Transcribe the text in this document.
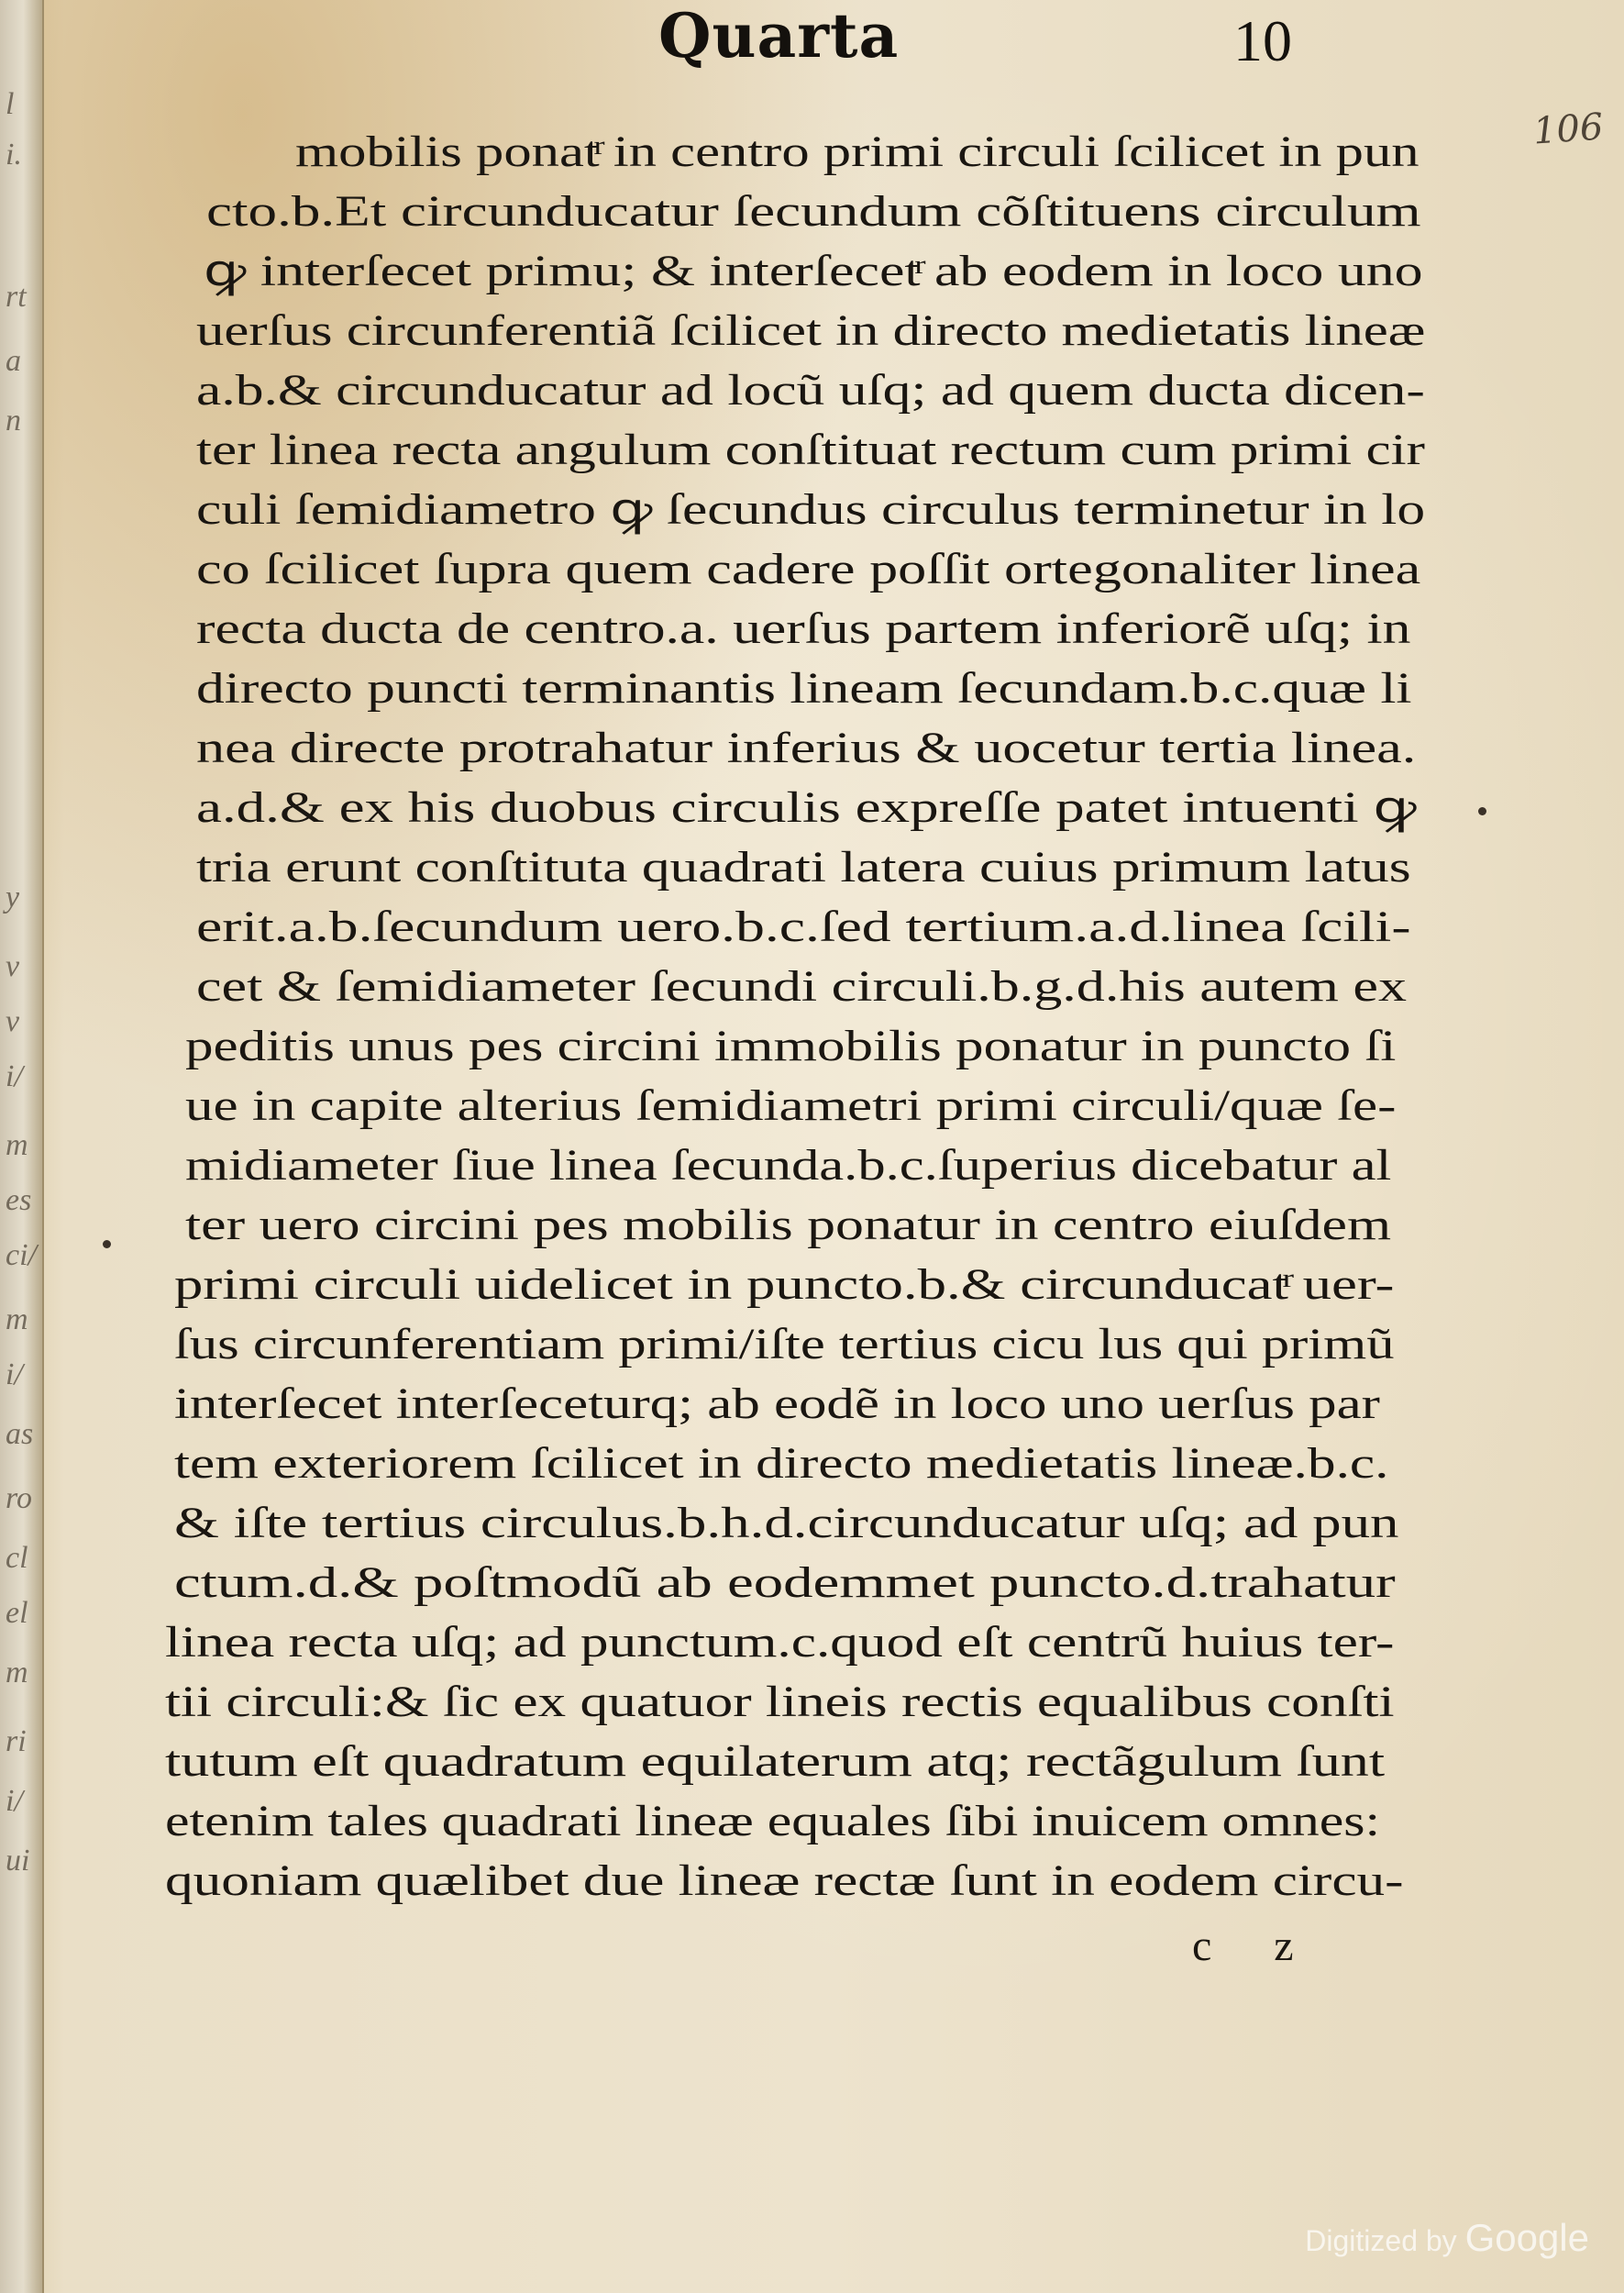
l
i.
rt
a
n
y
v
v
i/
m
es
ci/
m
i/
as
ro
cl
el
m
ri
i/
ui
Quarta	10
106
mobilis ponatͬ in centro primi circuli ſcilicet in pun
cto.b.Et circunducatur ſecundum cõſtituens circulum
ꝙ interſecet primu; & interſecetͬ ab eodem in loco uno
uerſus circunferentiã ſcilicet in directo medietatis lineæ
a.b.& circunducatur ad locũ uſq; ad quem ducta dicen-
ter linea recta angulum conſtituat rectum cum primi cir
culi ſemidiametro ꝙ ſecundus circulus terminetur in lo
co ſcilicet ſupra quem cadere poſſit ortegonaliter linea
recta ducta de centro.a. uerſus partem inferiorẽ uſq; in
directo puncti terminantis lineam ſecundam.b.c.quæ li
nea directe protrahatur inferius & uocetur tertia linea.
a.d.& ex his duobus circulis expreſſe patet intuenti ꝙ
tria erunt conſtituta quadrati latera cuius primum latus
erit.a.b.ſecundum uero.b.c.ſed tertium.a.d.linea ſcili-
cet & ſemidiameter ſecundi circuli.b.g.d.his autem ex
peditis unus pes circini immobilis ponatur in puncto ſi
ue in capite alterius ſemidiametri primi circuli/quæ ſe-
midiameter ſiue linea ſecunda.b.c.ſuperius dicebatur al
ter uero circini pes mobilis ponatur in centro eiuſdem
primi circuli uidelicet in puncto.b.& circunducatͬ uer-
ſus circunferentiam primi/iſte tertius cicu lus qui primũ
interſecet interſeceturq; ab eodẽ in loco uno uerſus par
tem exteriorem ſcilicet in directo medietatis lineæ.b.c.
& iſte tertius circulus.b.h.d.circunducatur uſq; ad pun
ctum.d.& poſtmodũ ab eodemmet puncto.d.trahatur
linea recta uſq; ad punctum.c.quod eſt centrũ huius ter-
tii circuli:& ſic ex quatuor lineis rectis equalibus conſti
tutum eſt quadratum equilaterum atq; rectãgulum ſunt
etenim tales quadrati lineæ equales ſibi inuicem omnes:
quoniam quælibet due lineæ rectæ ſunt in eodem circu-
c z
Digitized by Google
